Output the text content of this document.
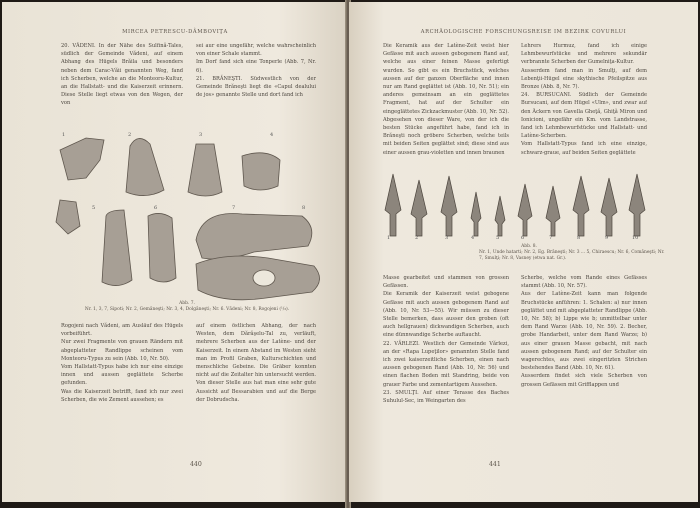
MIRCEA PETRESCU-DÂMBOVIŢA

20. VĂDENI. In der Nähe des Sulfină-Tales, südlich der Gemeinde Vădeni, auf einem Abhang des Hügels Brăila und besonders neben dem Carac-Văii genannten Weg, fand ich Scherben, welche an die Monteoru-Kultur, an die Hallstatt- und die Kaiserzeit erinnern. Diese Stelle liegt etwas von den Wegen, der von

sei aur eine ungefähr, welche wahrscheinlich von einer Schale stammt.

Im Dorf fand sich eine Tonperle (Abb. 7, Nr. 6).

21. BRĂNEŞTI. Südwestlich von der Gemeinde Brăneşti liegt die «Capul dealului de jos» genannte Stelle und dort fand ich

1	2	3	4
5	6	7	8
Abb. 7.
Nr. 1, 3, 7, Sipoti; Nr. 2, Gemăneşti; Nr. 3, 4, Dolgăneşti; Nr. 6. Vădeni; Nr. 8, Rogojeni (¹/₃).

Rogojeni nach Vădeni, am Ausläuf des Hügels vorbeiführt.

Nur zwei Fragmente von grauen Rändern mit abgeplatteter Randlippe scheinen vom Monteoru-Typus zu sein (Abb. 10, Nr. 50).

Vom Hallstatt-Typus habe ich nur eine einzige innen und aussen geglättete Scherbe gefunden.

Was die Kaiserzeit betrifft, fand ich nur zwei Scherben, die wie Zement aussehen; es

auf einem östlichen Abhang, der nach Westen, dem Dărăşelu-Tal zu, verläuft, mehrere Scherben aus der Latène- und der Kaiserzeit. In einem Abstand im Westen sieht man im Profil Graben, Kulturschichten und menschliche Gebeine. Die Gräber konnten nicht auf die Zeitalter hin untersucht werden. Von dieser Stelle aus hat man eine sehr gute Aussicht auf Bessarabien und auf die Berge der Dobrudscha.

440
ARCHÄOLOGISCHE FORSCHUNGSREISE IM BEZIRK COVURLUI

Die Keramik aus der Latène-Zeit weist hier Gefässe mit auch aussen gebogenem Rand auf, welche aus einer feinen Masse gefertigt wurden. So gibt es ein Bruchstück, welches aussen auf der ganzen Oberfläche und innen nur am Rand geglättet ist (Abb. 10, Nr. 51); ein anderes gemeinsam an ein geglättetes Fragment, hat auf der Schulter ein eingeglättetes Zickzackmuster (Abb. 10, Nr. 52). Abgesehen von dieser Ware, von der ich die besten Stücke angeführt habe, fand ich in Brăneşti noch gröbere Scherben, welche teils mit beiden Seiten geglättet sind; diese sind aus einer aussen grau-violetten und innen braunen

Lehrers Hurmuz, fand ich einige Lehmbewurfstücke und mehrere sekundär verbrannte Scherben der Gumelniţa-Kultur.

Ausserdem fand man in Smulţi, auf dem Lebenţii-Hügel eine skythische Pfeilspitze aus Bronze (Abb. 8, Nr. 7).

24. BURSUCANI. Südlich der Gemeinde Bursucani, auf dem Hügel «Ulm», und zwar auf den Äckern von Gavella Gheţă, Ghiţă Miron und Ionicioni, ungefähr ein Km. vom Landstrasse, fand ich Lehmbewurfstücke und Hallstatt- und Latène-Scherben.

Vom Hallstatt-Typus fand ich eine einzige, schwarz-graue, auf beiden Seiten geglättete

1	2	3	4	5	6	7	8	9	10
Abb. 8.
Nr. 1, Unde hatarti; Nr. 2, Eg. Brăneşti; Nr. 3 ... 5, Chiraescu; Nr. 6, Comăneşti; Nr. 7, Smulţi; Nr. 8, Vasney (etwa nat. Gr.).

Masse gearbeitet und stammen von grossen Gefässen.

Die Keramik der Kaiserzeit weist gebogene Gefässe mit auch aussen gebogenem Rand auf (Abb. 10, Nr. 53—55). Wir müssen zu dieser Stelle bemerken, dass ausser den groben (oft auch hellgrauen) dickwandigen Scherben, auch eine dünnwandige Scherbe auftaucht.

22. VĂRLEZI. Westlich der Gemeinde Vărlezi, an der «Rapa Lupeţilor» genannten Stelle fand ich zwei kaiserzeitliche Scherben, einen nach aussen gebogenen Rand (Abb. 10, Nr. 56) und einen flachen Boden mit Standring, beide von grauer Farbe und zementartigem Aussehen.

23. SMULŢI. Auf einer Terasse des Baches Suhulul-Sec, im Weingarten des

Scherbe, welche vom Rande eines Gefässes stammt (Abb. 10, Nr. 57).

Aus der Latène-Zeit kann man folgende Bruchstücke anführen: 1. Schalen: a) nur innen geglättet und mit abgeplatteter Randlippe (Abb. 10, Nr. 58); b) Lippe wie b; unmittelbar unter dem Rand Warze (Abb. 10, Nr. 59). 2. Becher, grobe Handarbeit, unter dem Rand Warze; b) aus einer grauen Masse gebacht, mit nach aussen gebogenem Rand; auf der Schulter ein wagerechtes, aus zwei eingeritzten Strichen bestehendes Band (Abb. 10, Nr. 61).

Ausserdem findet sich viele Scherben von grossen Gefässen mit Grifflappen und

441
